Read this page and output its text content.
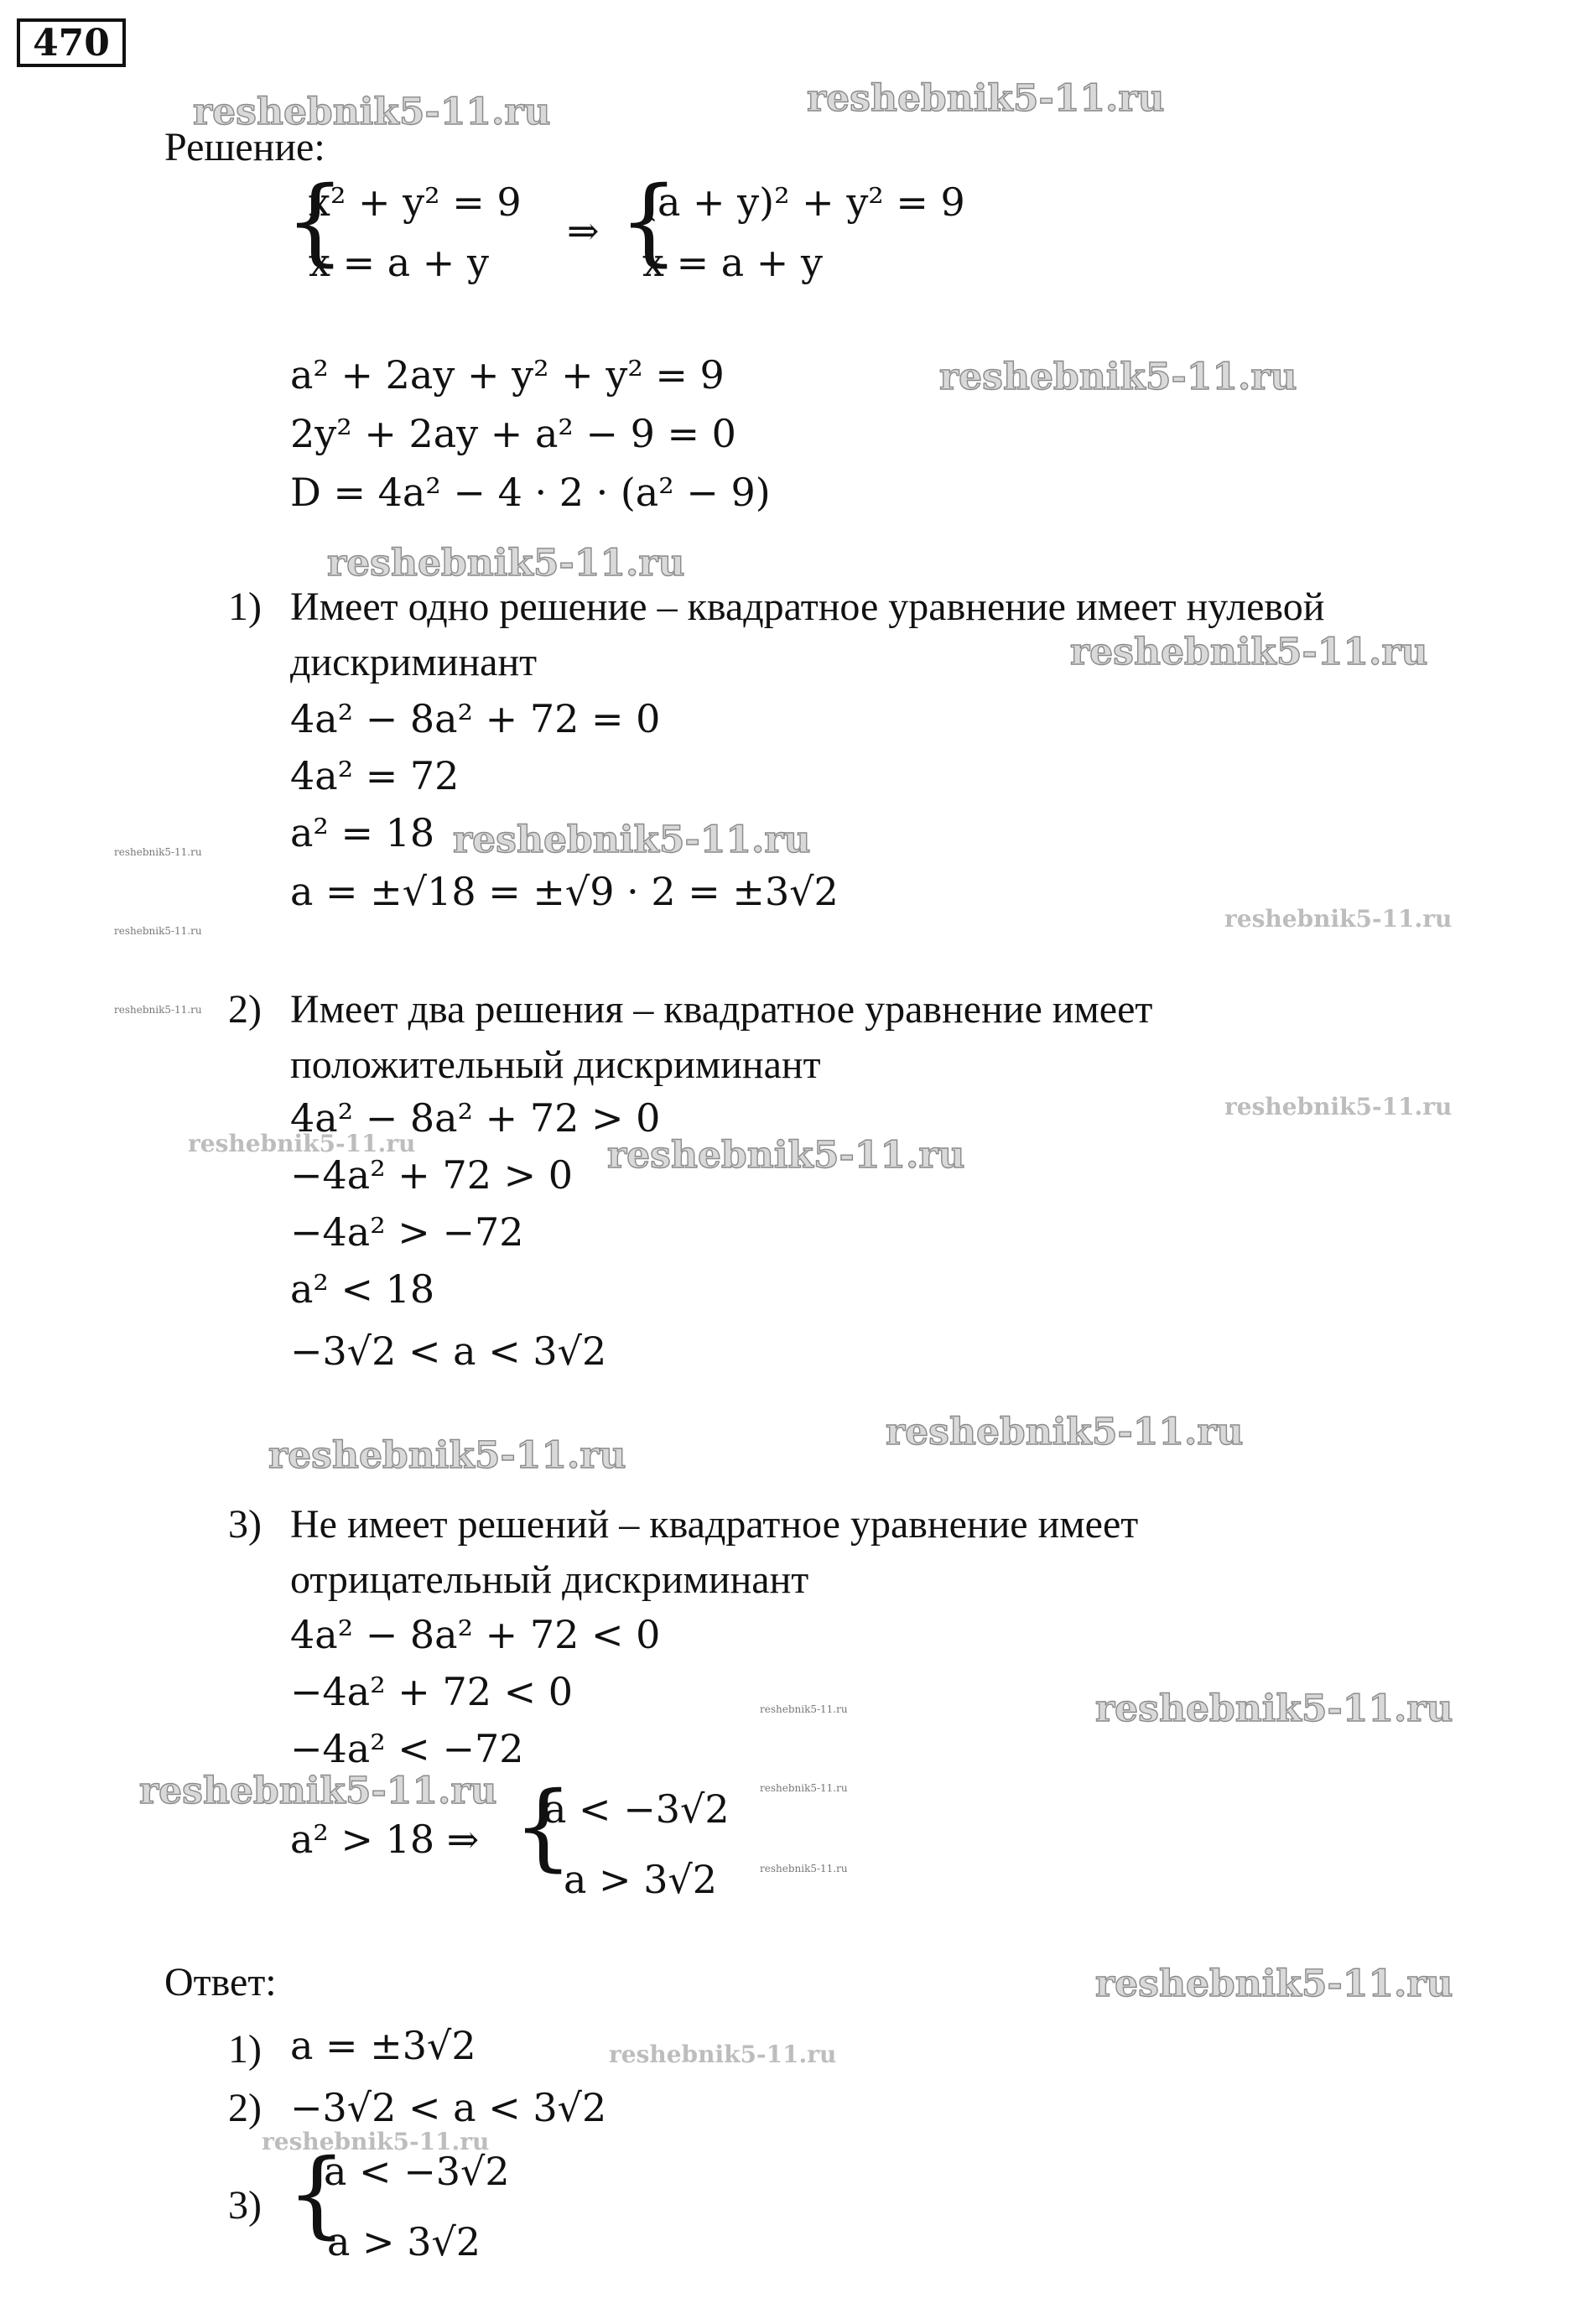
470
Решение:
{
x² + y² = 9
x = a + y
⇒ {
(a + y)² + y² = 9
x = a + y
a² + 2ay + y² + y² = 9
2y² + 2ay + a² − 9 = 0
D = 4a² − 4 · 2 · (a² − 9)
1) Имеет одно решение – квадратное уравнение имеет нулевой
дискриминант
4a² − 8a² + 72 = 0
4a² = 72
a² = 18
a = ±√18 = ±√9 · 2 = ±3√2
2) Имеет два решения – квадратное уравнение имеет
положительный дискриминант
4a² − 8a² + 72 > 0
−4a² + 72 > 0
−4a² > −72
a² < 18
−3√2 < a < 3√2
3) Не имеет решений – квадратное уравнение имеет
отрицательный дискриминант
4a² − 8a² + 72 < 0
−4a² + 72 < 0
−4a² < −72
a² > 18 ⇒ {
a < −3√2
a > 3√2
Ответ:
1) a = ±3√2
2) −3√2 < a < 3√2
3) {
a < −3√2
a > 3√2
reshebnik5-11.ru	reshebnik5-11.ru
reshebnik5-11.ru
reshebnik5-11.ru
reshebnik5-11.ru
reshebnik5-11.ru
reshebnik5-11.ru
reshebnik5-11.ru
reshebnik5-11.ru
reshebnik5-11.ru
reshebnik5-11.ru
reshebnik5-11.ru
reshebnik5-11.ru
reshebnik5-11.ru
reshebnik5-11.ru
reshebnik5-11.ru
reshebnik5-11.ru
reshebnik5-11.ru
reshebnik5-11.ru
reshebnik5-11.ru
reshebnik5-11.ru
reshebnik5-11.ru
reshebnik5-11.ru
